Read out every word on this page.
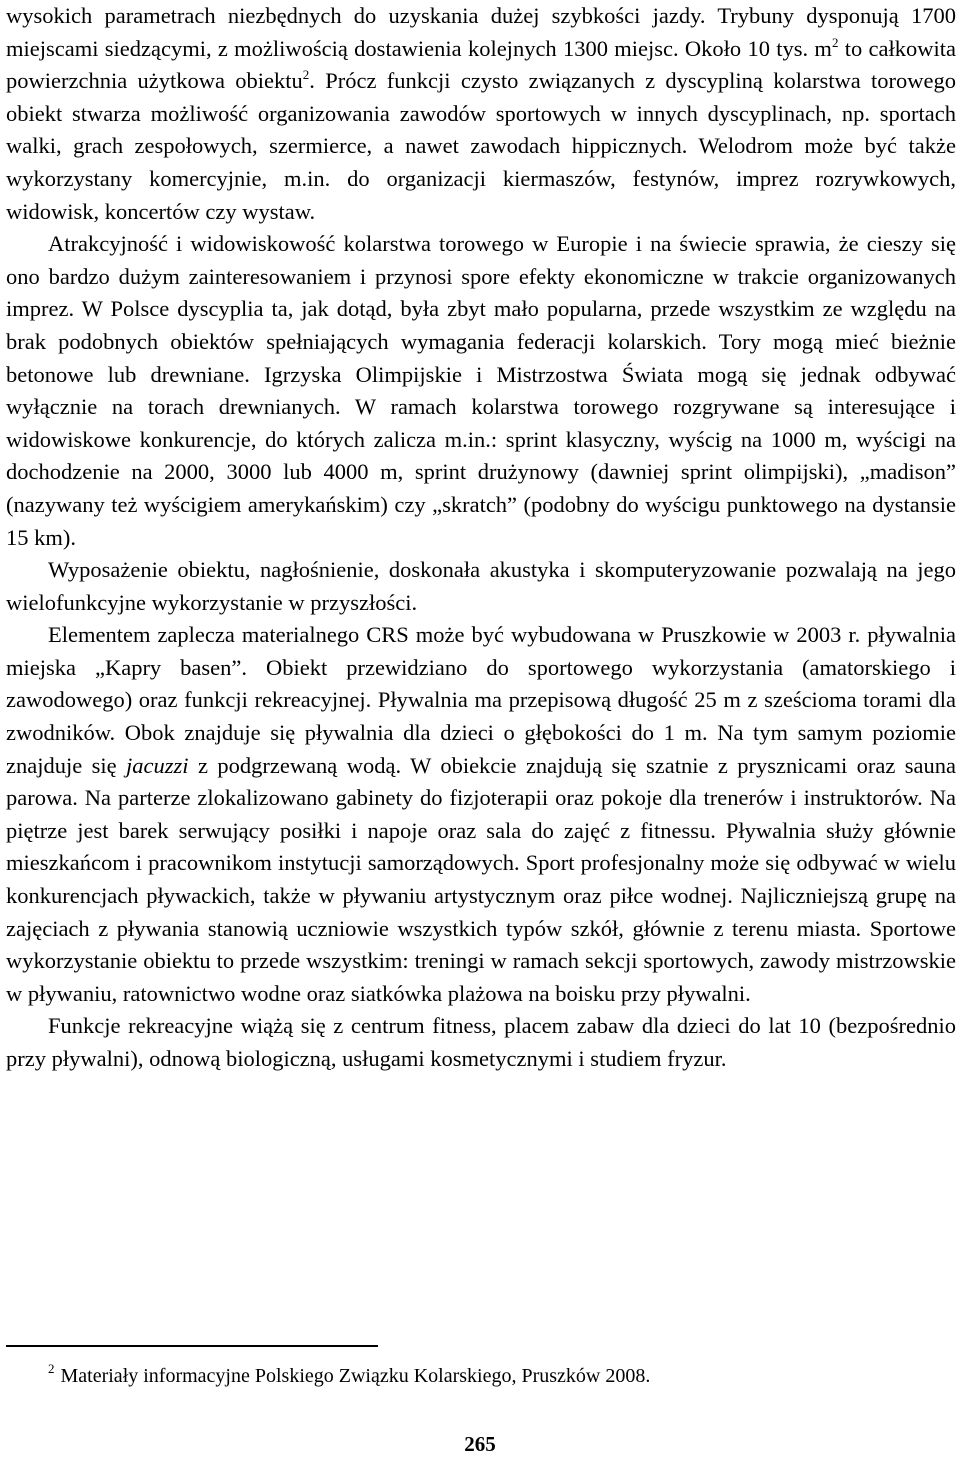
wysokich parametrach niezbędnych do uzyskania dużej szybkości jazdy. Trybuny dysponują 1700 miejscami siedzącymi, z możliwością dostawienia kolejnych 1300 miejsc. Około 10 tys. $m^2$ to całkowita powierzchnia użytkowa obiektu$^2$. Prócz funkcji czysto związanych z dyscypliną kolarstwa torowego obiekt stwarza możliwość organizowania zawodów sportowych w innych dyscyplinach, np. sportach walki, grach zespołowych, szermierce, a nawet zawodach hippicznych. Welodrom może być także wykorzystany komercyjnie, m.in. do organizacji kiermaszów, festynów, imprez rozrywkowych, widowisk, koncertów czy wystaw.

Atrakcyjność i widowiskowość kolarstwa torowego w Europie i na świecie sprawia, że cieszy się ono bardzo dużym zainteresowaniem i przynosi spore efekty ekonomiczne w trakcie organizowanych imprez. W Polsce dyscyplia ta, jak dotąd, była zbyt mało popularna, przede wszystkim ze względu na brak podobnych obiektów spełniających wymagania federacji kolarskich. Tory mogą mieć bieżnie betonowe lub drewniane. Igrzyska Olimpijskie i Mistrzostwa Świata mogą się jednak odbywać wyłącznie na torach drewnianych. W ramach kolarstwa torowego rozgrywane są interesujące i widowiskowe konkurencje, do których zalicza m.in.: sprint klasyczny, wyścig na 1000 m, wyścigi na dochodzenie na 2000, 3000 lub 4000 m, sprint drużynowy (dawniej sprint olimpijski), „madison” (nazywany też wyścigiem amerykańskim) czy „skratch” (podobny do wyścigu punktowego na dystansie 15 km).

Wyposażenie obiektu, nagłośnienie, doskonała akustyka i skomputeryzowanie pozwalają na jego wielofunkcyjne wykorzystanie w przyszłości.

Elementem zaplecza materialnego CRS może być wybudowana w Pruszkowie w 2003 r. pływalnia miejska „Kapry basen”. Obiekt przewidziano do sportowego wykorzystania (amatorskiego i zawodowego) oraz funkcji rekreacyjnej. Pływalnia ma przepisową długość 25 m z sześcioma torami dla zwodników. Obok znajduje się pływalnia dla dzieci o głębokości do 1 m. Na tym samym poziomie znajduje się jacuzzi z podgrzewaną wodą. W obiekcie znajdują się szatnie z prysznicami oraz sauna parowa. Na parterze zlokalizowano gabinety do fizjoterapii oraz pokoje dla trenerów i instruktorów. Na piętrze jest barek serwujący posiłki i napoje oraz sala do zajęć z fitnessu. Pływalnia służy głównie mieszkańcom i pracownikom instytucji samorządowych. Sport profesjonalny może się odbywać w wielu konkurencjach pływackich, także w pływaniu artystycznym oraz piłce wodnej. Najliczniejszą grupę na zajęciach z pływania stanowią uczniowie wszystkich typów szkół, głównie z terenu miasta. Sportowe wykorzystanie obiektu to przede wszystkim: treningi w ramach sekcji sportowych, zawody mistrzowskie w pływaniu, ratownictwo wodne oraz siatkówka plażowa na boisku przy pływalni.

Funkcje rekreacyjne wiążą się z centrum fitness, placem zabaw dla dzieci do lat 10 (bezpośrednio przy pływalni), odnową biologiczną, usługami kosmetycznymi i studiem fryzur.

$^2$ Materiały informacyjne Polskiego Związku Kolarskiego, Pruszków 2008.
265
